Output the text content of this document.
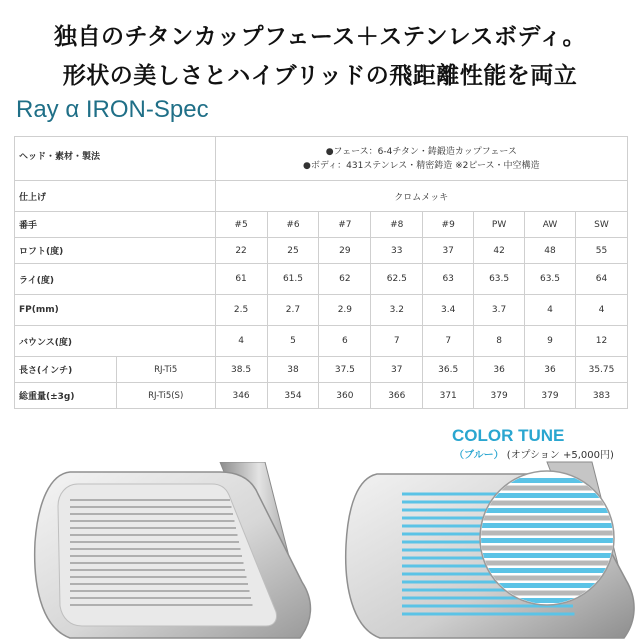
独自のチタンカップフェース＋ステンレスボディ。
形状の美しさとハイブリッドの飛距離性能を両立
Ray α IRON-Spec
ヘッド・素材・製法		●フェース：6-4チタン・鋳鍛造カップフェース
●ボディ：431ステンレス・精密鋳造 ※2ピース・中空構造							

仕上げ		クロムメッキ							
番手		#5	#6	#7	#8	#9	PW	AW	SW
ロフト(度)		22	25	29	33	37	42	48	55
ライ(度)		61	61.5	62	62.5	63	63.5	63.5	64
FP(mm)		2.5	2.7	2.9	3.2	3.4	3.7	4	4
バウンス(度)		4	5	6	7	7	8	9	12
長さ(インチ)	RJ-Ti5	38.5	38	37.5	37	36.5	36	36	35.75
総重量(±3g)	RJ-Ti5(S)	346	354	360	366	371	379	379	383
COLOR TUNE
（ブルー） (オプション +5,000円)
